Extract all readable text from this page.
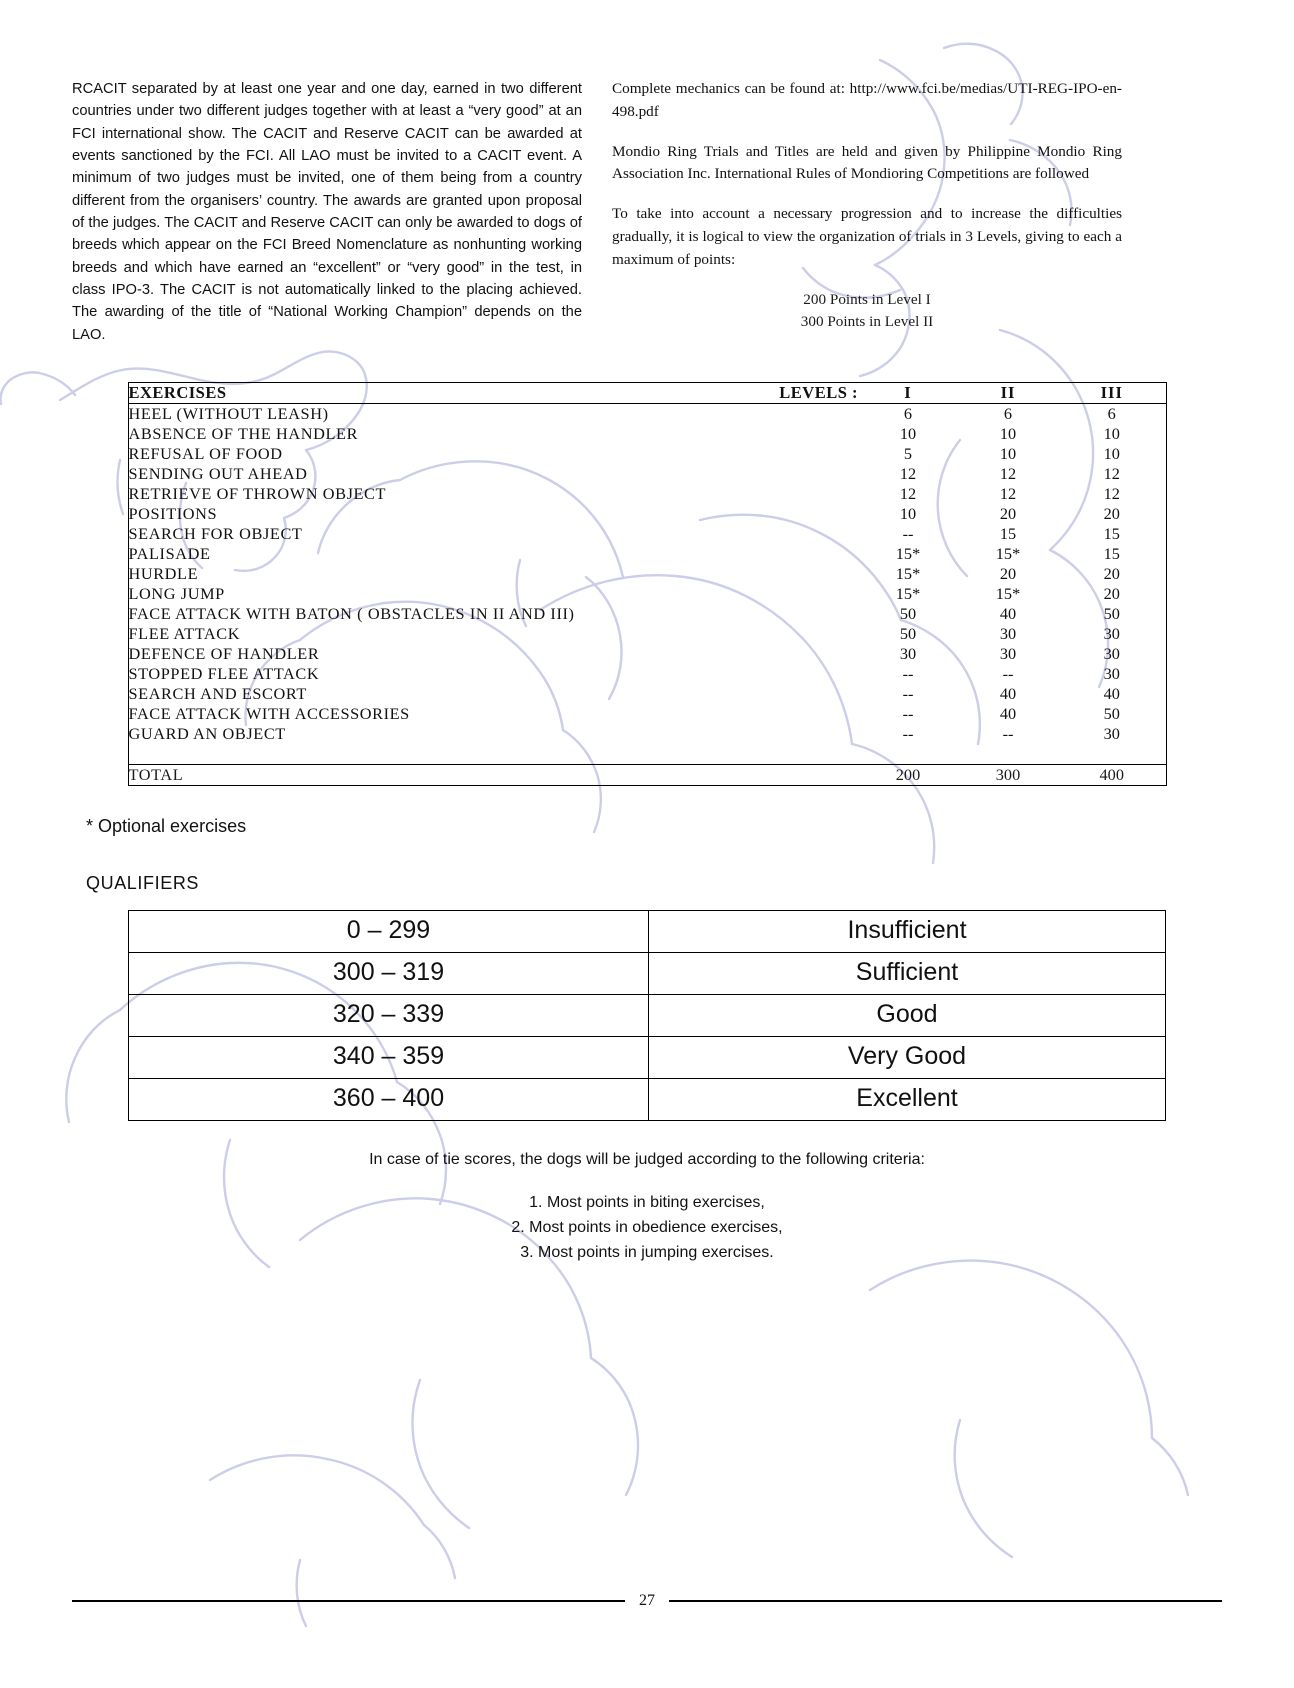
RCACIT separated by at least one year and one day, earned in two different countries under two different judges together with at least a “very good” at an FCI international show. The CACIT and Reserve CACIT can be awarded at events sanctioned by the FCI. All LAO must be invited to a CACIT event. A minimum of two judges must be invited, one of them being from a country different from the organisers’ country. The awards are granted upon proposal of the judges. The CACIT and Reserve CACIT can only be awarded to dogs of breeds which appear on the FCI Breed Nomenclature as nonhunting working breeds and which have earned an “excellent” or “very good” in the test, in class IPO-3. The CACIT is not automatically linked to the placing achieved. The awarding of the title of “National Working Champion” depends on the LAO.

Complete mechanics can be found at: http://www.fci.be/medias/UTI-REG-IPO-en-498.pdf

Mondio Ring Trials and Titles are held and given by Philippine Mondio Ring Association Inc. International Rules of Mondioring Competitions are followed

To take into account a necessary progression and to increase the difficulties gradually, it is logical to view the organization of trials in 3 Levels, giving to each a maximum of points:

200 Points in Level I
300 Points in Level II
EXERCISES	LEVELS :	I	II	III
HEEL (WITHOUT LEASH)		6	6	6
ABSENCE OF THE HANDLER		10	10	10
REFUSAL OF FOOD		5	10	10
SENDING OUT AHEAD		12	12	12
RETRIEVE OF THROWN OBJECT		12	12	12
POSITIONS		10	20	20
SEARCH FOR OBJECT		--	15	15
PALISADE		15*	15*	15
HURDLE		15*	20	20
LONG JUMP		15*	15*	20
FACE ATTACK WITH BATON ( OBSTACLES IN II AND III)		50	40	50
FLEE ATTACK		50	30	30
DEFENCE OF HANDLER		30	30	30
STOPPED FLEE ATTACK		--	--	30
SEARCH AND ESCORT		--	40	40
FACE ATTACK WITH ACCESSORIES		--	40	50
GUARD AN OBJECT		--	--	30

TOTAL		200	300	400
* Optional exercises
QUALIFIERS
0 – 299	Insufficient
300 – 319	Sufficient
320 – 339	Good
340 – 359	Very Good
360 – 400	Excellent
In case of tie scores, the dogs will be judged according to the following criteria:
1. Most points in biting exercises,
2. Most points in obedience exercises,
3. Most points in jumping exercises.
27
